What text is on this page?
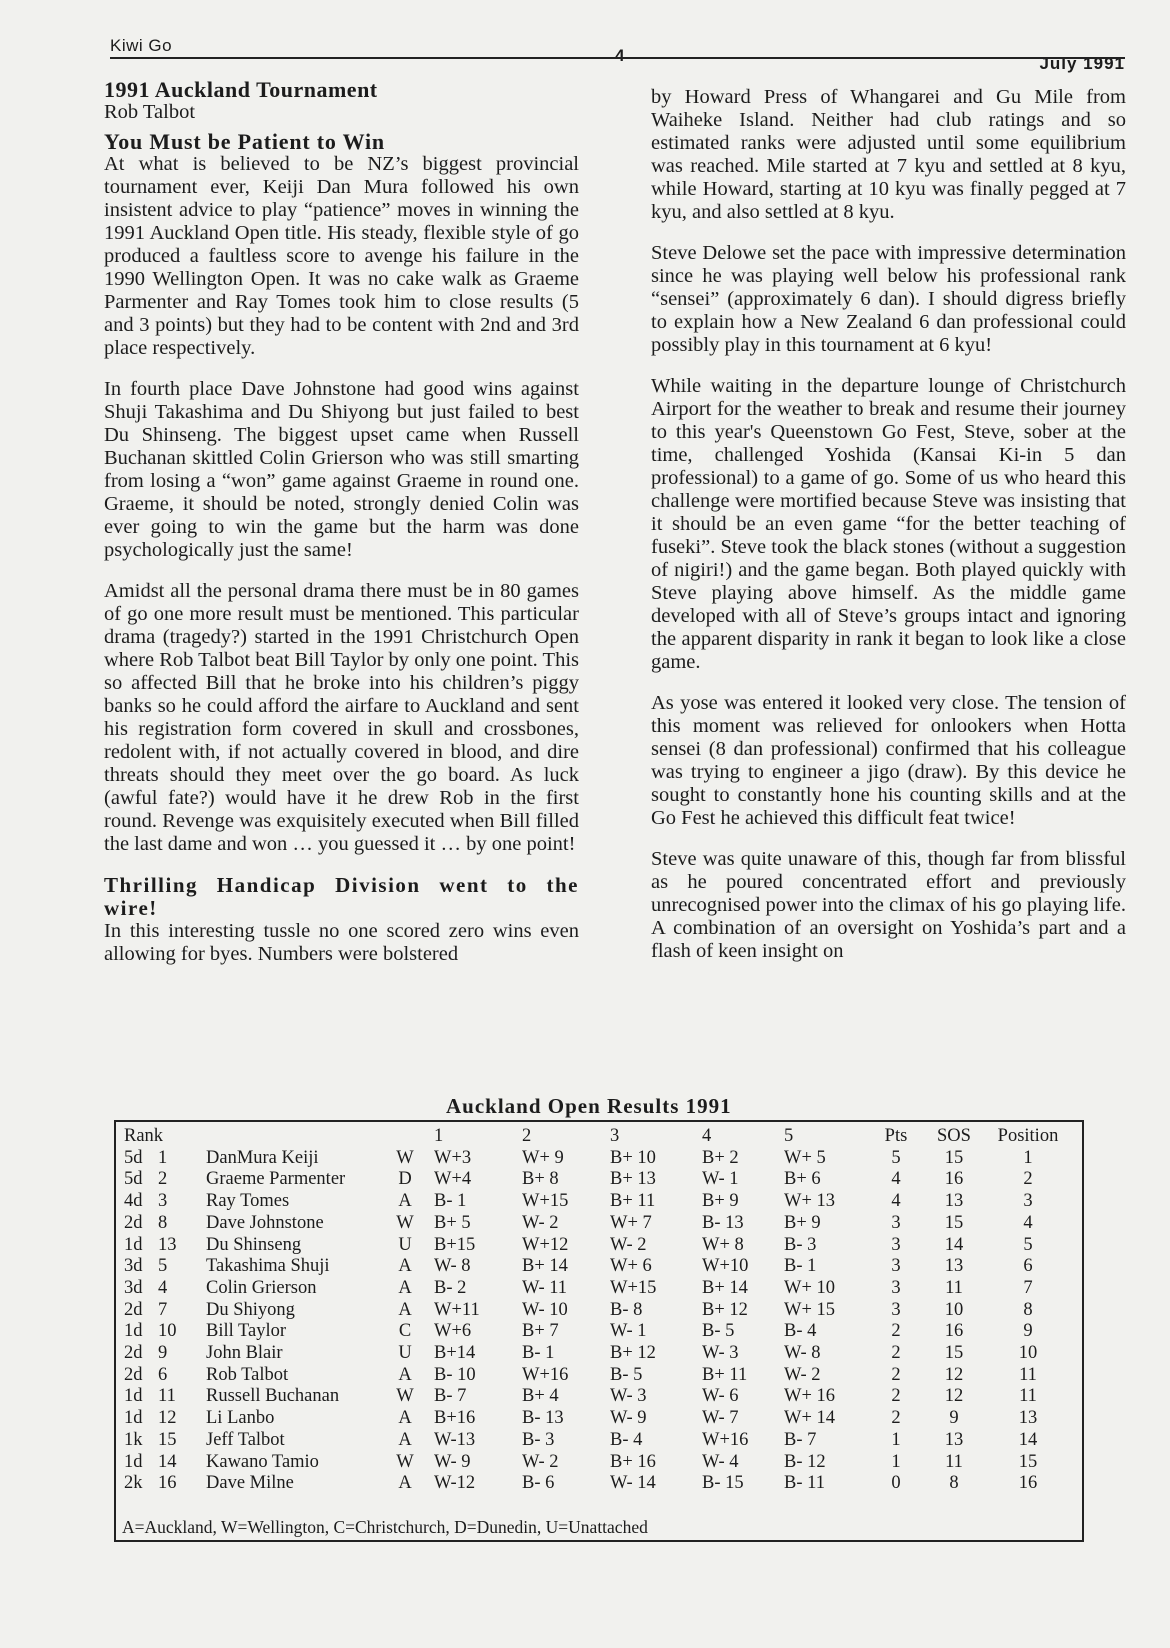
Kiwi Go
4	July 1991
1991 Auckland Tournament
Rob Talbot
You Must be Patient to Win

At what is believed to be NZ’s biggest provincial tournament ever, Keiji Dan Mura followed his own insistent advice to play “patience” moves in winning the 1991 Auckland Open title. His steady, flexible style of go produced a faultless score to avenge his failure in the 1990 Wellington Open. It was no cake walk as Graeme Parmenter and Ray Tomes took him to close results (5 and 3 points) but they had to be content with 2nd and 3rd place respectively.

In fourth place Dave Johnstone had good wins against Shuji Takashima and Du Shiyong but just failed to best Du Shinseng. The biggest upset came when Russell Buchanan skittled Colin Grierson who was still smarting from losing a “won” game against Graeme in round one. Graeme, it should be noted, strongly denied Colin was ever going to win the game but the harm was done psychologically just the same!

Amidst all the personal drama there must be in 80 games of go one more result must be mentioned. This particular drama (tragedy?) started in the 1991 Christchurch Open where Rob Talbot beat Bill Taylor by only one point. This so affected Bill that he broke into his children’s piggy banks so he could afford the airfare to Auckland and sent his registration form covered in skull and crossbones, redolent with, if not actually covered in blood, and dire threats should they meet over the go board. As luck (awful fate?) would have it he drew Rob in the first round. Revenge was exquisitely executed when Bill filled the last dame and won … you guessed it … by one point!

Thrilling Handicap Division went to the wire!

In this interesting tussle no one scored zero wins even allowing for byes. Numbers were bolstered

by Howard Press of Whangarei and Gu Mile from Waiheke Island. Neither had club ratings and so estimated ranks were adjusted until some equilibrium was reached. Mile started at 7 kyu and settled at 8 kyu, while Howard, starting at 10 kyu was finally pegged at 7 kyu, and also settled at 8 kyu.

Steve Delowe set the pace with impressive determination since he was playing well below his professional rank “sensei” (approximately 6 dan). I should digress briefly to explain how a New Zealand 6 dan professional could possibly play in this tournament at 6 kyu!

While waiting in the departure lounge of Christchurch Airport for the weather to break and resume their journey to this year's Queenstown Go Fest, Steve, sober at the time, challenged Yoshida (Kansai Ki-in 5 dan professional) to a game of go. Some of us who heard this challenge were mortified because Steve was insisting that it should be an even game “for the better teaching of fuseki”. Steve took the black stones (without a suggestion of nigiri!) and the game began. Both played quickly with Steve playing above himself. As the middle game developed with all of Steve’s groups intact and ignoring the apparent disparity in rank it began to look like a close game.

As yose was entered it looked very close. The tension of this moment was relieved for onlookers when Hotta sensei (8 dan professional) confirmed that his colleague was trying to engineer a jigo (draw). By this device he sought to constantly hone his counting skills and at the Go Fest he achieved this difficult feat twice!

Steve was quite unaware of this, though far from blissful as he poured concentrated effort and previously unrecognised power into the climax of his go playing life. A combination of an oversight on Yoshida’s part and a flash of keen insight on

Auckland Open Results 1991
Rank				1	2	3	4	5	Pts	SOS	Position
5d	1	DanMura Keiji	W	W+3	W+ 9	B+ 10	B+ 2	W+ 5	5	15	1
5d	2	Graeme Parmenter	D	W+4	B+ 8	B+ 13	W- 1	B+ 6	4	16	2
4d	3	Ray Tomes	A	B- 1	W+15	B+ 11	B+ 9	W+ 13	4	13	3
2d	8	Dave Johnstone	W	B+ 5	W- 2	W+ 7	B- 13	B+ 9	3	15	4
1d	13	Du Shinseng	U	B+15	W+12	W- 2	W+ 8	B- 3	3	14	5
3d	5	Takashima Shuji	A	W- 8	B+ 14	W+ 6	W+10	B- 1	3	13	6
3d	4	Colin Grierson	A	B- 2	W- 11	W+15	B+ 14	W+ 10	3	11	7
2d	7	Du Shiyong	A	W+11	W- 10	B- 8	B+ 12	W+ 15	3	10	8
1d	10	Bill Taylor	C	W+6	B+ 7	W- 1	B- 5	B- 4	2	16	9
2d	9	John Blair	U	B+14	B- 1	B+ 12	W- 3	W- 8	2	15	10
2d	6	Rob Talbot	A	B- 10	W+16	B- 5	B+ 11	W- 2	2	12	11
1d	11	Russell Buchanan	W	B- 7	B+ 4	W- 3	W- 6	W+ 16	2	12	11
1d	12	Li Lanbo	A	B+16	B- 13	W- 9	W- 7	W+ 14	2	9	13
1k	15	Jeff Talbot	A	W-13	B- 3	B- 4	W+16	B- 7	1	13	14
1d	14	Kawano Tamio	W	W- 9	W- 2	B+ 16	W- 4	B- 12	1	11	15
2k	16	Dave Milne	A	W-12	B- 6	W- 14	B- 15	B- 11	0	8	16
A=Auckland, W=Wellington, C=Christchurch, D=Dunedin, U=Unattached
